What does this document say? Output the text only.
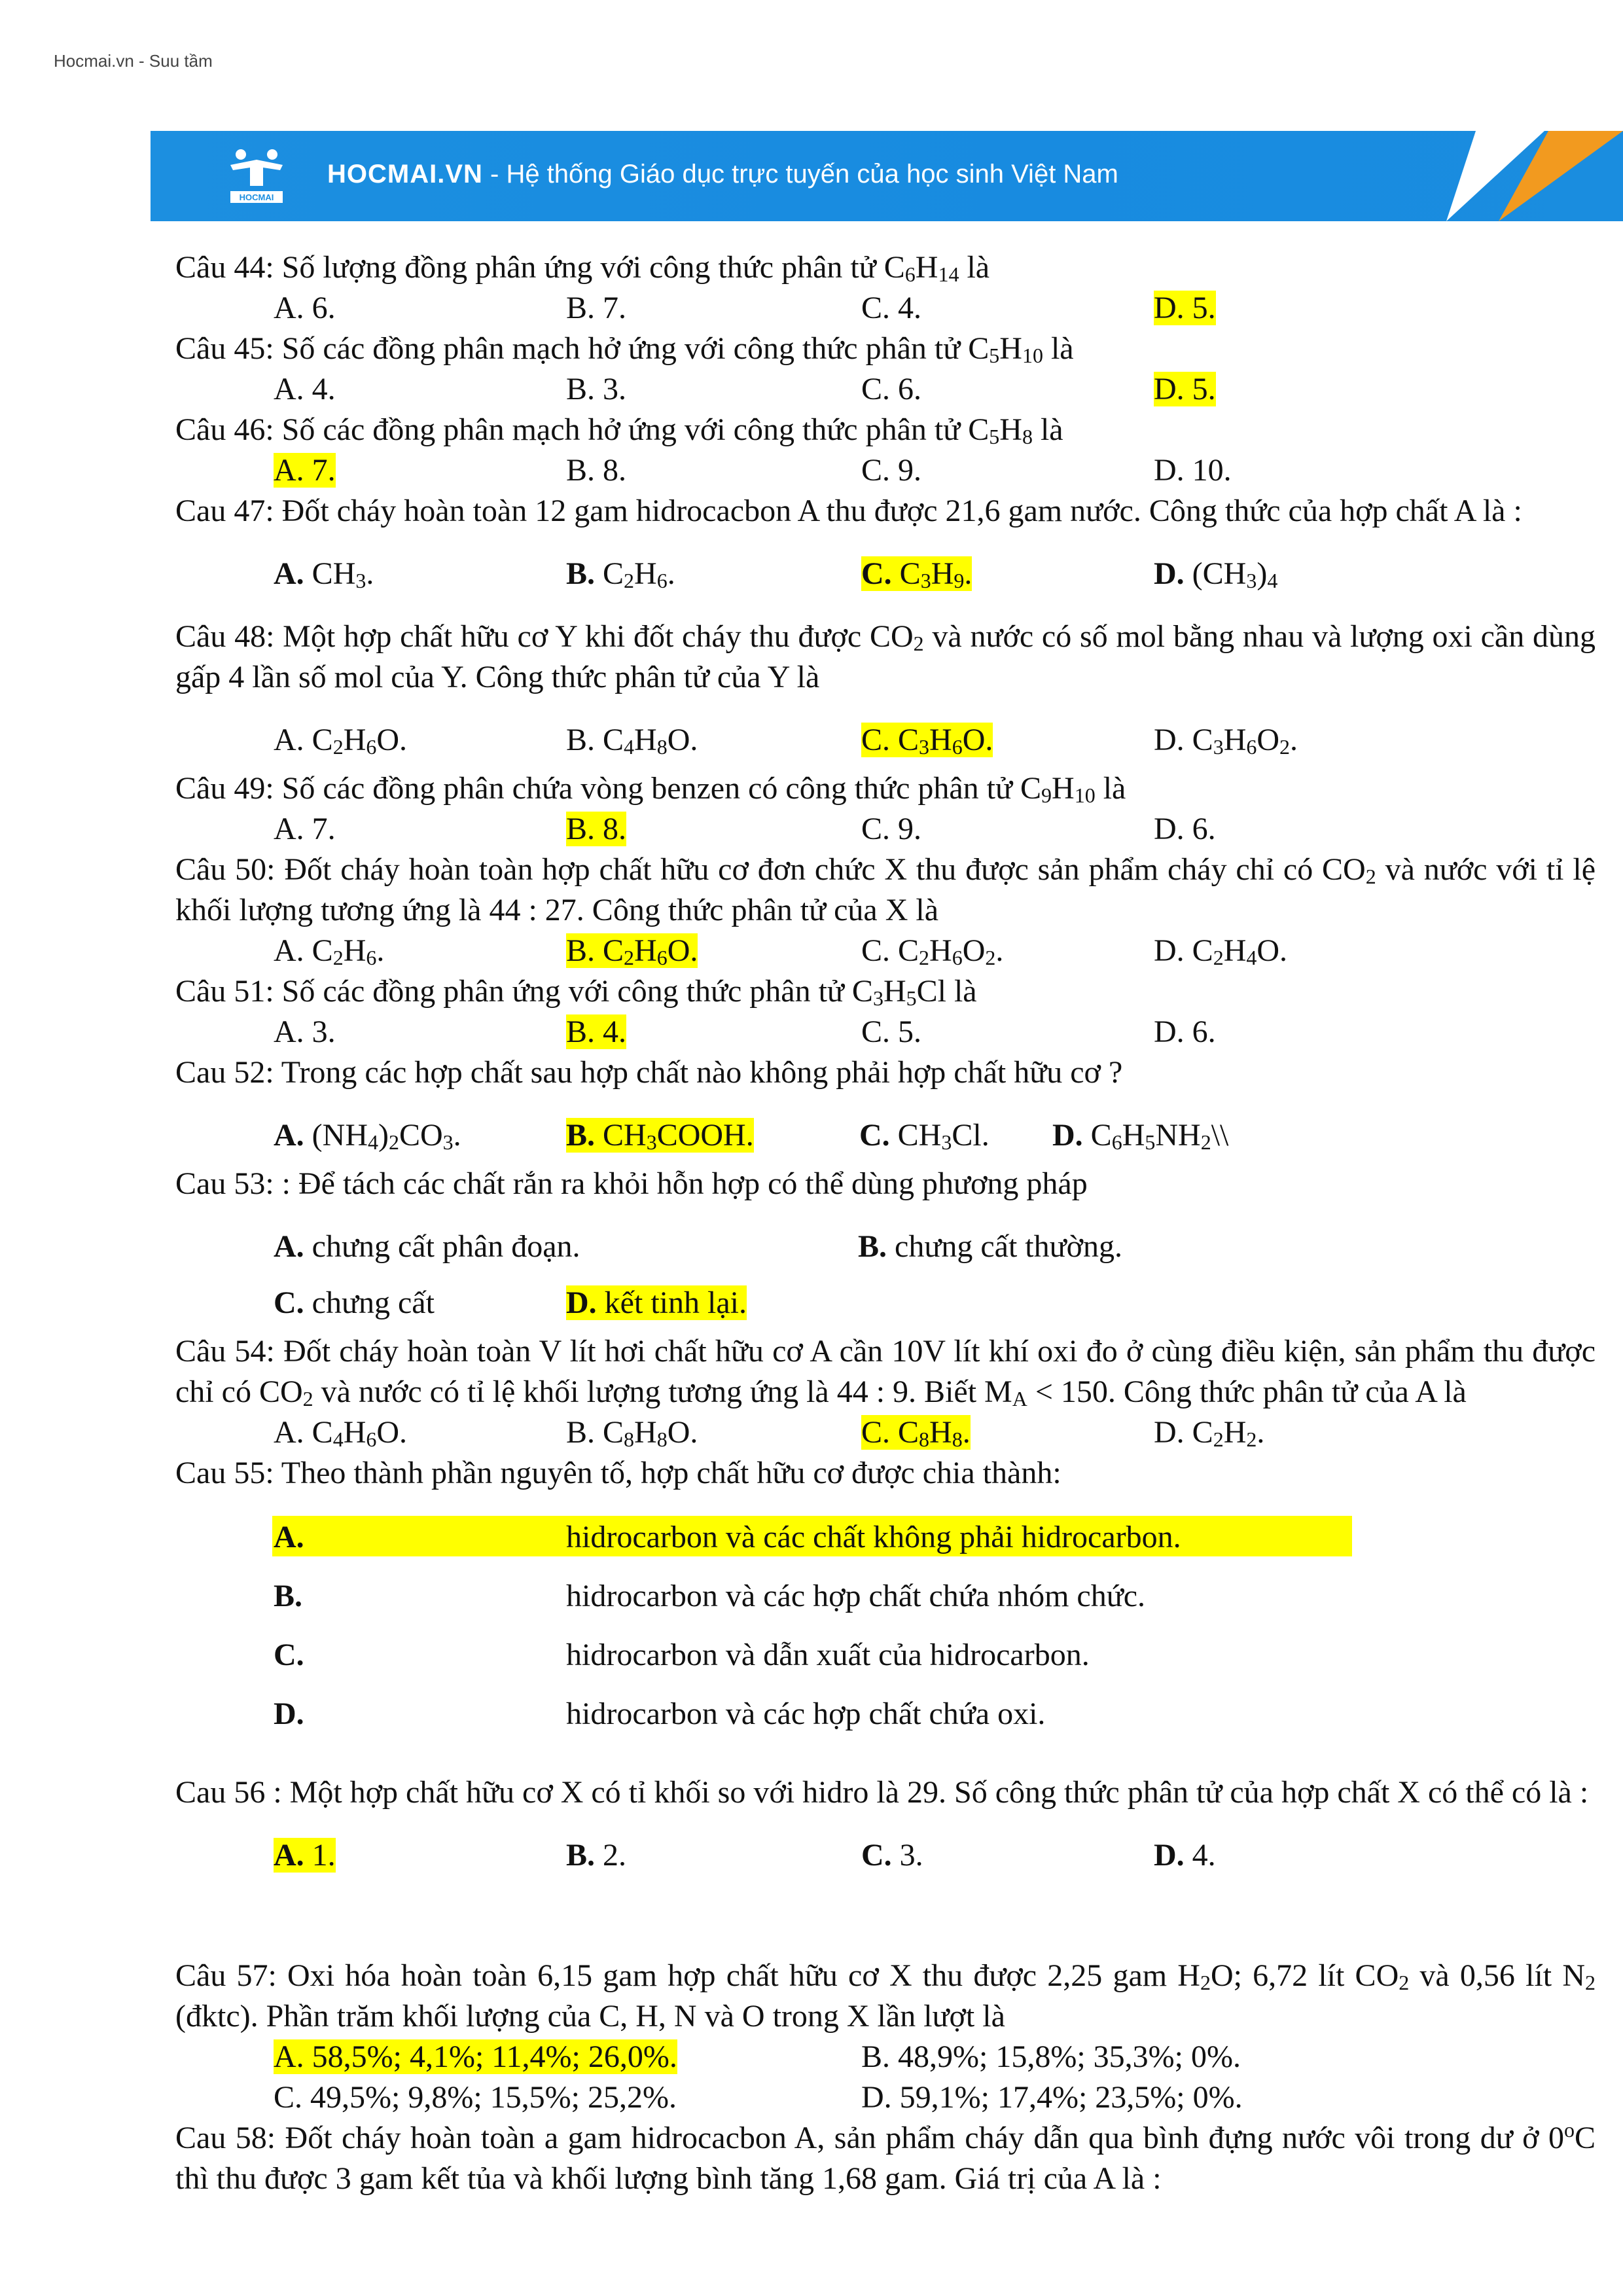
Hocmai.vn - Suu tầm
HOCMAI
HOCMAI.VN - Hệ thống Giáo dục trực tuyến của học sinh Việt Nam
Câu 44: Số lượng đồng phân ứng với công thức phân tử $C_6H_{14}$ là
A. 6.	B. 7.	C. 4.	D. 5.
Câu 45: Số các đồng phân mạch hở ứng với công thức phân tử $C_5H_{10}$ là
A. 4.	B. 3.	C. 6.	D. 5.
Câu 46: Số các đồng phân mạch hở ứng với công thức phân tử $C_5H_8$ là
A. 7.	B. 8.	C. 9.	D. 10.
Cau 47: Đốt cháy hoàn toàn 12 gam hidrocacbon A thu được 21,6 gam nước. Công thức của hợp chất A là :
A. $CH_3$.	B. $C_2H_6$.	C. $C_3H_9$.	D. $(CH_3)_4$
Câu 48: Một hợp chất hữu cơ Y khi đốt cháy thu được $CO_2$ và nước có số mol bằng nhau và lượng oxi cần dùng gấp 4 lần số mol của Y. Công thức phân tử của Y là
A. $C_2H_6O$.	B. $C_4H_8O$.	C. $C_3H_6O$.	D. $C_3H_6O_2$.
Câu 49: Số các đồng phân chứa vòng benzen có công thức phân tử $C_9H_{10}$ là
A. 7.	B. 8.	C. 9.	D. 6.
Câu 50: Đốt cháy hoàn toàn hợp chất hữu cơ đơn chức X thu được sản phẩm cháy chỉ có $CO_2$ và nước với tỉ lệ khối lượng tương ứng là 44 : 27. Công thức phân tử của X là
A. $C_2H_6$.	B. $C_2H_6O$.	C. $C_2H_6O_2$.	D. $C_2H_4O$.
Câu 51: Số các đồng phân ứng với công thức phân tử $C_3H_5Cl$ là
A. 3.	B. 4.	C. 5.	D. 6.
Cau 52: Trong các hợp chất sau hợp chất nào không phải hợp chất hữu cơ ?
A. $(NH_4)_2CO_3$.	B. $CH_3COOH$.	C. $CH_3Cl$. D. $C_6H_5NH_2\backslash\backslash$
Cau 53: : Để tách các chất rắn ra khỏi hỗn hợp có thể dùng phương pháp
A. chưng cất phân đoạn.	B. chưng cất thường.
C. chưng cất	D. kết tinh lại.
Câu 54: Đốt cháy hoàn toàn V lít hơi chất hữu cơ A cần 10V lít khí oxi đo ở cùng điều kiện, sản phẩm thu được chỉ có $CO_2$ và nước có tỉ lệ khối lượng tương ứng là 44 : 9. Biết $M_A < 150$. Công thức phân tử của A là
A. $C_4H_6O$.	B. $C_8H_8O$.	C. $C_8H_8$.	D. $C_2H_2$.
Cau 55: Theo thành phần nguyên tố, hợp chất hữu cơ được chia thành:
A.	hidrocarbon và các chất không phải hidrocarbon.
B.	hidrocarbon và các hợp chất chứa nhóm chức.
C.	hidrocarbon và dẫn xuất của hidrocarbon.
D.	hidrocarbon và các hợp chất chứa oxi.
Cau 56 : Một hợp chất hữu cơ X có tỉ khối so với hidro là 29. Số công thức phân tử của hợp chất X có thể có là :
A. 1.	B. 2.	C. 3.	D. 4.
Câu 57: Oxi hóa hoàn toàn 6,15 gam hợp chất hữu cơ X thu được 2,25 gam $H_2O$; 6,72 lít $CO_2$ và 0,56 lít $N_2$ (đktc). Phần trăm khối lượng của C, H, N và O trong X lần lượt là
A. 58,5%; 4,1%; 11,4%; 26,0%.	B. 48,9%; 15,8%; 35,3%; 0%.
C. 49,5%; 9,8%; 15,5%; 25,2%.	D. 59,1%; 17,4%; 23,5%; 0%.
Cau 58: Đốt cháy hoàn toàn a gam hidrocacbon A, sản phẩm cháy dẫn qua bình đựng nước vôi trong dư ở 0$^o$C thì thu được 3 gam kết tủa và khối lượng bình tăng 1,68 gam. Giá trị của A là :
